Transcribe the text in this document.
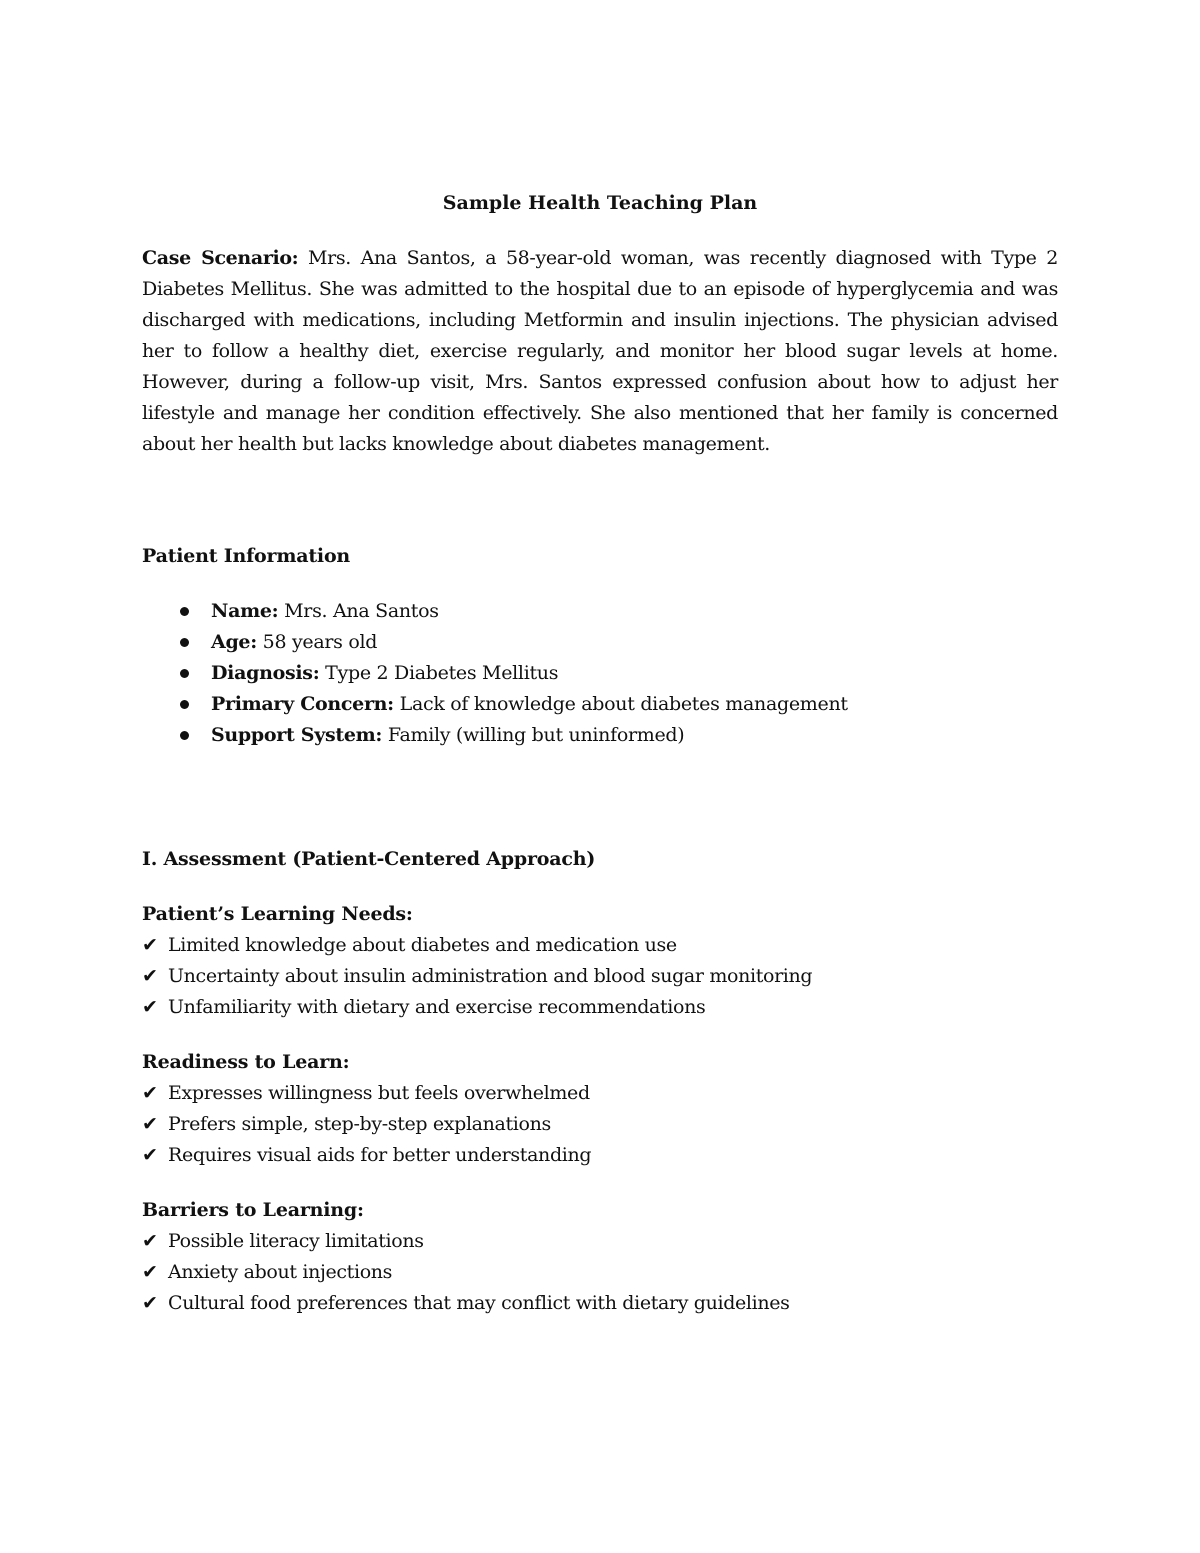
Sample Health Teaching Plan

Case Scenario: Mrs. Ana Santos, a 58-year-old woman, was recently diagnosed with Type 2 Diabetes Mellitus. She was admitted to the hospital due to an episode of hyperglycemia and was discharged with medications, including Metformin and insulin injections. The physician advised her to follow a healthy diet, exercise regularly, and monitor her blood sugar levels at home. However, during a follow-up visit, Mrs. Santos expressed confusion about how to adjust her lifestyle and manage her condition effectively. She also mentioned that her family is concerned about her health but lacks knowledge about diabetes management.

Patient Information
Name: Mrs. Ana Santos
Age: 58 years old
Diagnosis: Type 2 Diabetes Mellitus
Primary Concern: Lack of knowledge about diabetes management
Support System: Family (willing but uninformed)
I. Assessment (Patient-Centered Approach)
Patient’s Learning Needs:
✔ Limited knowledge about diabetes and medication use
✔ Uncertainty about insulin administration and blood sugar monitoring
✔ Unfamiliarity with dietary and exercise recommendations
Readiness to Learn:
✔ Expresses willingness but feels overwhelmed
✔ Prefers simple, step-by-step explanations
✔ Requires visual aids for better understanding
Barriers to Learning:
✔ Possible literacy limitations
✔ Anxiety about injections
✔ Cultural food preferences that may conflict with dietary guidelines
